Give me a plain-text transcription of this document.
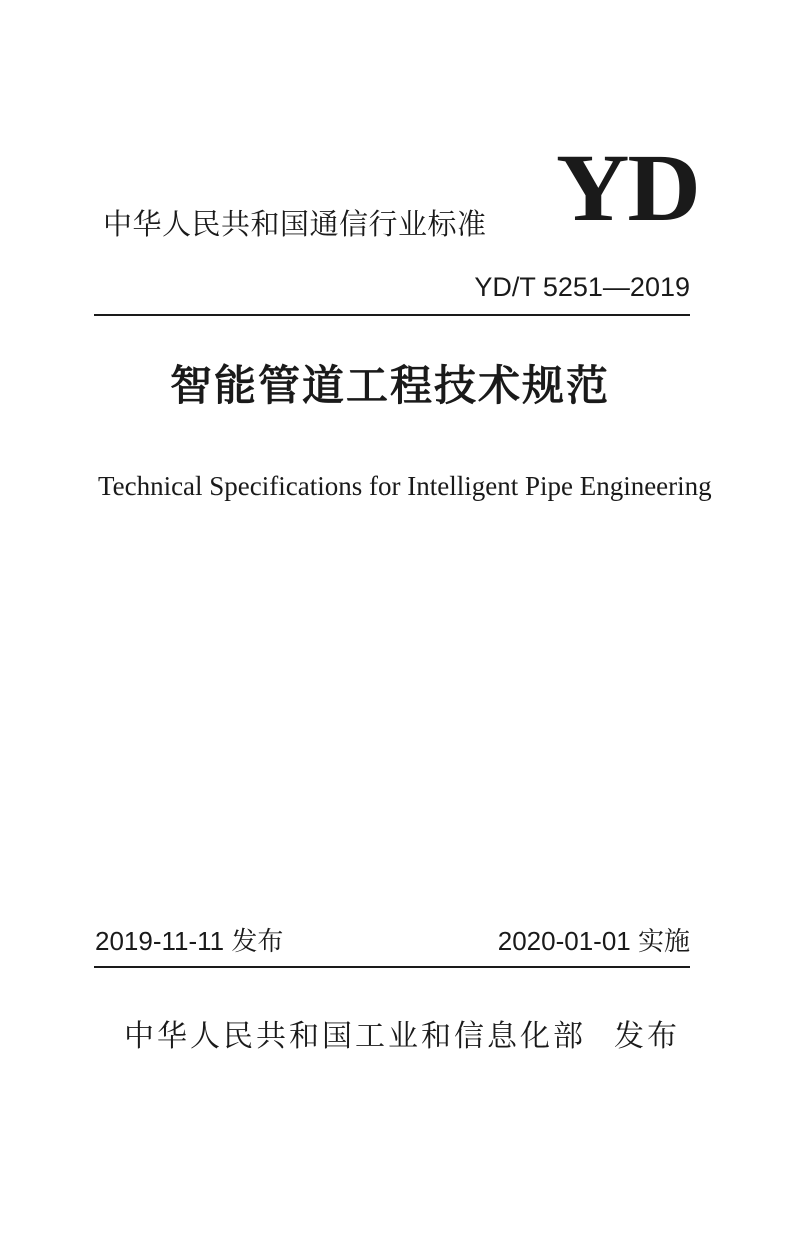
中华人民共和国通信行业标准 YD
YD/T 5251—2019
智能管道工程技术规范
Technical Specifications for Intelligent Pipe Engineering
2019-11-11 发布	2020-01-01 实施
中华人民共和国工业和信息化部 发布
